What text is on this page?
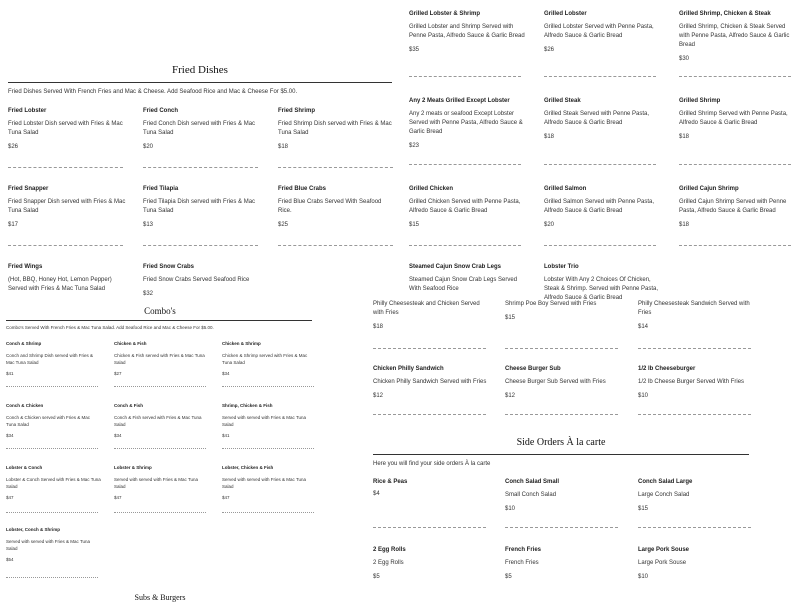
Fried Dishes
Fried Dishes Served With French Fries and Mac & Cheese. Add Seafood Rice and Mac & Cheese For $5.00.
Fried Lobster
Fried Lobster Dish served with Fries & Mac Tuna Salad
$26
Fried Conch
Fried Conch Dish served with Fries & Mac Tuna Salad
$20
Fried Shrimp
Fried Shrimp Dish served with Fries & Mac Tuna Salad
$18
Fried Snapper
Fried Snapper Dish served with Fries & Mac Tuna Salad
$17
Fried Tilapia
Fried Tilapia Dish served with Fries & Mac Tuna Salad
$13
Fried Blue Crabs
Fried Blue Crabs Served With Seafood Rice.
$25
Fried Wings
(Hot, BBQ, Honey Hot, Lemon Pepper) Served with Fries & Mac Tuna Salad
Fried Snow Crabs
Fried Snow Crabs Served Seafood Rice
$32
Combo's
Combo's Served With French Fries & Mac Tuna Salad. Add Seafood Rice and Mac & Cheese For $5.00.
Conch & Shrimp
Conch and Shrimp Dish served with Fries & Mac Tuna Salad
$41
Chicken & Fish
Chicken & Fish served with Fries & Mac Tuna Salad
$27
Chicken & Shrimp
Chicken & Shrimp served with Fries & Mac Tuna Salad
$34
Conch & Chicken
Conch & Chicken served with Fries & Mac Tuna Salad
$34
Conch & Fish
Conch & Fish served with Fries & Mac Tuna Salad
$34
Shrimp, Chicken & Fish
Served with served with Fries & Mac Tuna Salad
$41
Lobster & Conch
Lobster & Conch Served with Fries & Mac Tuna Salad
$47
Lobster & Shrimp
Served with served with Fries & Mac Tuna Salad
$47
Lobster, Chicken & Fish
Served with served with Fries & Mac Tuna Salad
$47
Lobster, Conch & Shrimp
Served with served with Fries & Mac Tuna Salad
$54
Subs & Burgers
Grilled Lobster & Shrimp
Grilled Lobster and Shrimp Served with Penne Pasta, Alfredo Sauce & Garlic Bread
$35
Grilled Lobster
Grilled Lobster Served with Penne Pasta, Alfredo Sauce & Garlic Bread
$26
Grilled Shrimp, Chicken & Steak
Grilled Shrimp, Chicken & Steak Served with Penne Pasta, Alfredo Sauce & Garlic Bread
$30
Any 2 Meats Grilled Except Lobster
Any 2 meats or seafood Except Lobster Served with Penne Pasta, Alfredo Sauce & Garlic Bread
$23
Grilled Steak
Grilled Steak Served with Penne Pasta, Alfredo Sauce & Garlic Bread
$18
Grilled Shrimp
Grilled Shrimp Served with Penne Pasta, Alfredo Sauce & Garlic Bread
$18
Grilled Chicken
Grilled Chicken Served with Penne Pasta, Alfredo Sauce & Garlic Bread
$15
Grilled Salmon
Grilled Salmon Served with Penne Pasta, Alfredo Sauce & Garlic Bread
$20
Grilled Cajun Shrimp
Grilled Cajun Shrimp Served with Penne Pasta, Alfredo Sauce & Garlic Bread
$18
Steamed Cajun Snow Crab Legs
Steamed Cajun Snow Crab Legs Served With Seafood Rice
Lobster Trio
Lobster With Any 2 Choices Of Chicken, Steak & Shrimp. Served with Penne Pasta, Alfredo Sauce & Garlic Bread
Philly Cheesesteak and Chicken Served with Fries
$18
Shrimp Poe Boy Served with Fries
$15
Philly Cheesesteak Sandwich Served with Fries
$14
Chicken Philly Sandwich
Chicken Philly Sandwich Served with Fries
$12
Cheese Burger Sub
Cheese Burger Sub Served with Fries
$12
1/2 lb Cheeseburger
1/2 lb Cheese Burger Served With Fries
$10
Side Orders À la carte
Here you will find your side orders À la carte
Rice & Peas
$4
Conch Salad Small
Small Conch Salad
$10
Conch Salad Large
Large Conch Salad
$15
2 Egg Rolls
2 Egg Rolls
$5
French Fries
French Fries
$5
Large Pork Souse
Large Pork Souse
$10
